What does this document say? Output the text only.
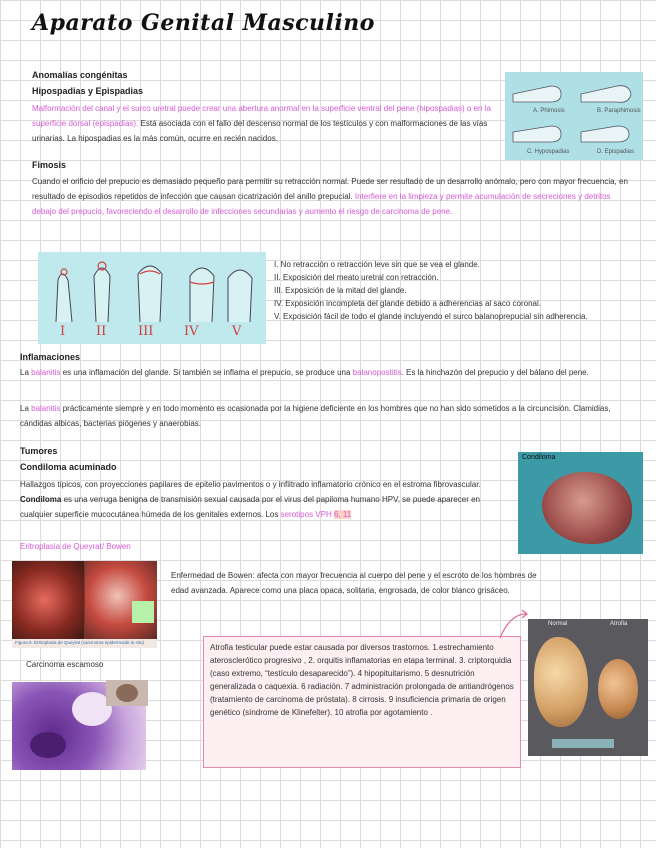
Aparato Genital Masculino
Anomalías congénitas
Hipospadias y Epispadias
Malformación del canal y el surco uretral puede crear una abertura anormal en la superficie ventral del pene (hipospadias) o en la superficie dorsal (epispadias). Está asociada con el fallo del descenso normal de los testículos y con malformaciones de las vías urinarias. La hipospadias es la más común, ocurre en recién nacidos.
A. Phimosis	B. Paraphimosis
C. Hypospadias	D. Epispadias
Fimosis
Cuando el orificio del prepucio es demasiado pequeño para permitir su retracción normal. Puede ser resultado de un desarrollo anómalo, pero con mayor frecuencia, en resultado de episodios repetidos de infección que causan cicatrización del anillo prepucial. Interfiere en la limpieza y permite acumulación de secreciones y detritos debajo del prepucio, favoreciendo el desarrollo de infecciones secundarias y aumento el riesgo de carcinoma de pene.
I II III IV	V
I. No retracción o retracción leve sin que se vea el glande.
II. Exposición del meato uretral con retracción.
III. Exposición de la mitad del glande.
IV. Exposición incompleta del glande debido a adherencias al saco coronal.
V. Exposición fácil de todo el glande incluyendo el surco balanoprepucial sin adherencia.
Inflamaciones
La balanitis es una inflamación del glande. Si también se inflama el prepucio, se produce una balanopostitis. Es la hinchazón del prepucio y del bálano del pene.
La balanitis prácticamente siempre y en todo momento es ocasionada por la higiene deficiente en los hombres que no han sido sometidos a la circuncisión. Clamidias, cándidas albicas, bacterias piógenes y anaerobias.
Tumores
Condiloma acuminado
Hallazgos típicos, con proyecciones papilares de epitelio pavimentos o y infiltrado inflamatorio crónico en el estroma fibrovascular. Condiloma es una verruga benigna de transmisión sexual causada por el virus del papiloma humano HPV, se puede aparecer en cualquier superficie mucocutánea húmeda de los genitales externos. Los serotipos VPH 6, 11
Condiloma
Eritroplasia de Queyrat/ Bowen
Figura 9. Eritroplasia de Queyrat (carcinoma epidermoide in situ)
Enfermedad de Bowen: afecta con mayor frecuencia al cuerpo del pene y el escroto de los hombres de edad avanzada. Aparece como una placa opaca, solitaria, engrosada, de color blanco grisáceo.
Carcinoma escamoso
Atrofia testicular puede estar causada por diversos trastornos. 1.estrechamiento aterosclerótico progresivo , 2. orquitis inflamatorias en etapa terminal. 3. criptorquidia (caso extremo, “testículo desaparecido”). 4 hipopituitarismo. 5 desnutrición generalizada o caquexia. 6 radiación. 7 administración prolongada de antiandrógenos (tratamiento de carcinoma de próstata). 8 cirrosis. 9 insuficiencia primaria de origen genético (síndrome de Klinefelter). 10 atrofia por agotamiento .
Normal	Atrofia
